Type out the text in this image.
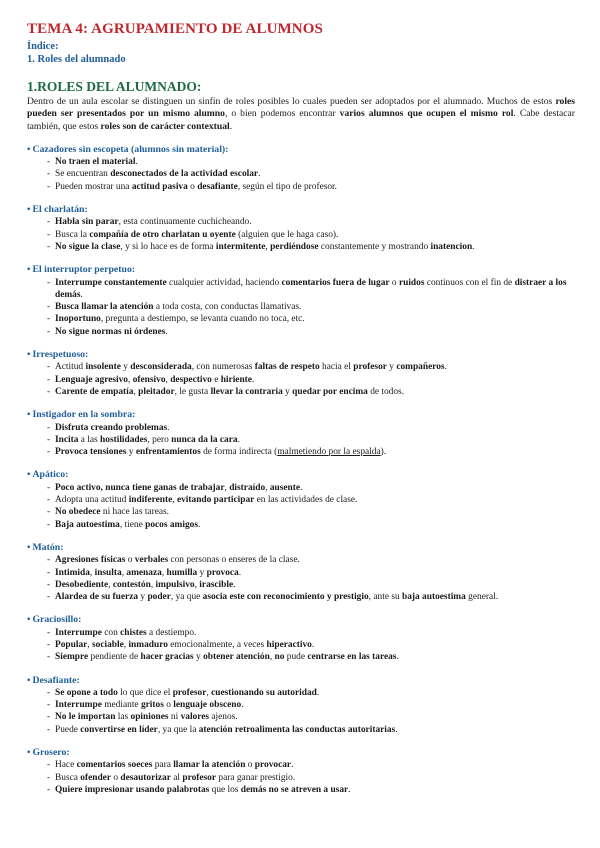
TEMA 4: AGRUPAMIENTO DE ALUMNOS
Índice:
1. Roles del alumnado
1.ROLES DEL ALUMNADO:

Dentro de un aula escolar se distinguen un sinfín de roles posibles lo cuales pueden ser adoptados por el alumnado. Muchos de estos roles pueden ser presentados por un mismo alumno, o bien podemos encontrar varios alumnos que ocupen el mismo rol. Cabe destacar también, que estos roles son de carácter contextual.

• Cazadores sin escopeta (alumnos sin material):
- No traen el material.
- Se encuentran desconectados de la actividad escolar.
- Pueden mostrar una actitud pasiva o desafiante, según el tipo de profesor.
• El charlatán:
- Habla sin parar, esta continuamente cuchicheando.
- Busca la compañía de otro charlatan u oyente (alguien que le haga caso).
- No sigue la clase, y si lo hace es de forma intermitente, perdiéndose constantemente y mostrando inatencion.
• El interruptor perpetuo:
- Interrumpe constantemente cualquier actividad, haciendo comentarios fuera de lugar o ruidos continuos con el fin de distraer a los demás.
- Busca llamar la atención a toda costa, con conductas llamativas.
- Inoportuno, pregunta a destiempo, se levanta cuando no toca, etc.
- No sigue normas ni órdenes.
• Irrespetuoso:
- Actitud insolente y desconsiderada, con numerosas faltas de respeto hacia el profesor y compañeros.
- Lenguaje agresivo, ofensivo, despectivo e hiriente.
- Carente de empatía, pleitador, le gusta llevar la contraria y quedar por encima de todos.
• Instigador en la sombra:
- Disfruta creando problemas.
- Incita a las hostilidades, pero nunca da la cara.
- Provoca tensiones y enfrentamientos de forma indirecta (malmetiendo por la espalda).
• Apático:
- Poco activo, nunca tiene ganas de trabajar, distraído, ausente.
- Adopta una actitud indiferente, evitando participar en las actividades de clase.
- No obedece ni hace las tareas.
- Baja autoestima, tiene pocos amigos.
• Matón:
- Agresiones físicas o verbales con personas o enseres de la clase.
- Intimida, insulta, amenaza, humilla y provoca.
- Desobediente, contestón, impulsivo, irascible.
- Alardea de su fuerza y poder, ya que asocia este con reconocimiento y prestigio, ante su baja autoestima general.
• Graciosillo:
- Interrumpe con chistes a destiempo.
- Popular, sociable, inmaduro emocionalmente, a veces hiperactivo.
- Siempre pendiente de hacer gracias y obtener atención, no pude centrarse en las tareas.
• Desafiante:
- Se opone a todo lo que dice el profesor, cuestionando su autoridad.
- Interrumpe mediante gritos o lenguaje obsceno.
- No le importan las opiniones ni valores ajenos.
- Puede convertirse en líder, ya que la atención retroalimenta las conductas autoritarias.
• Grosero:
- Hace comentarios soeces para llamar la atención o provocar.
- Busca ofender o desautorizar al profesor para ganar prestigio.
- Quiere impresionar usando palabrotas que los demás no se atreven a usar.
